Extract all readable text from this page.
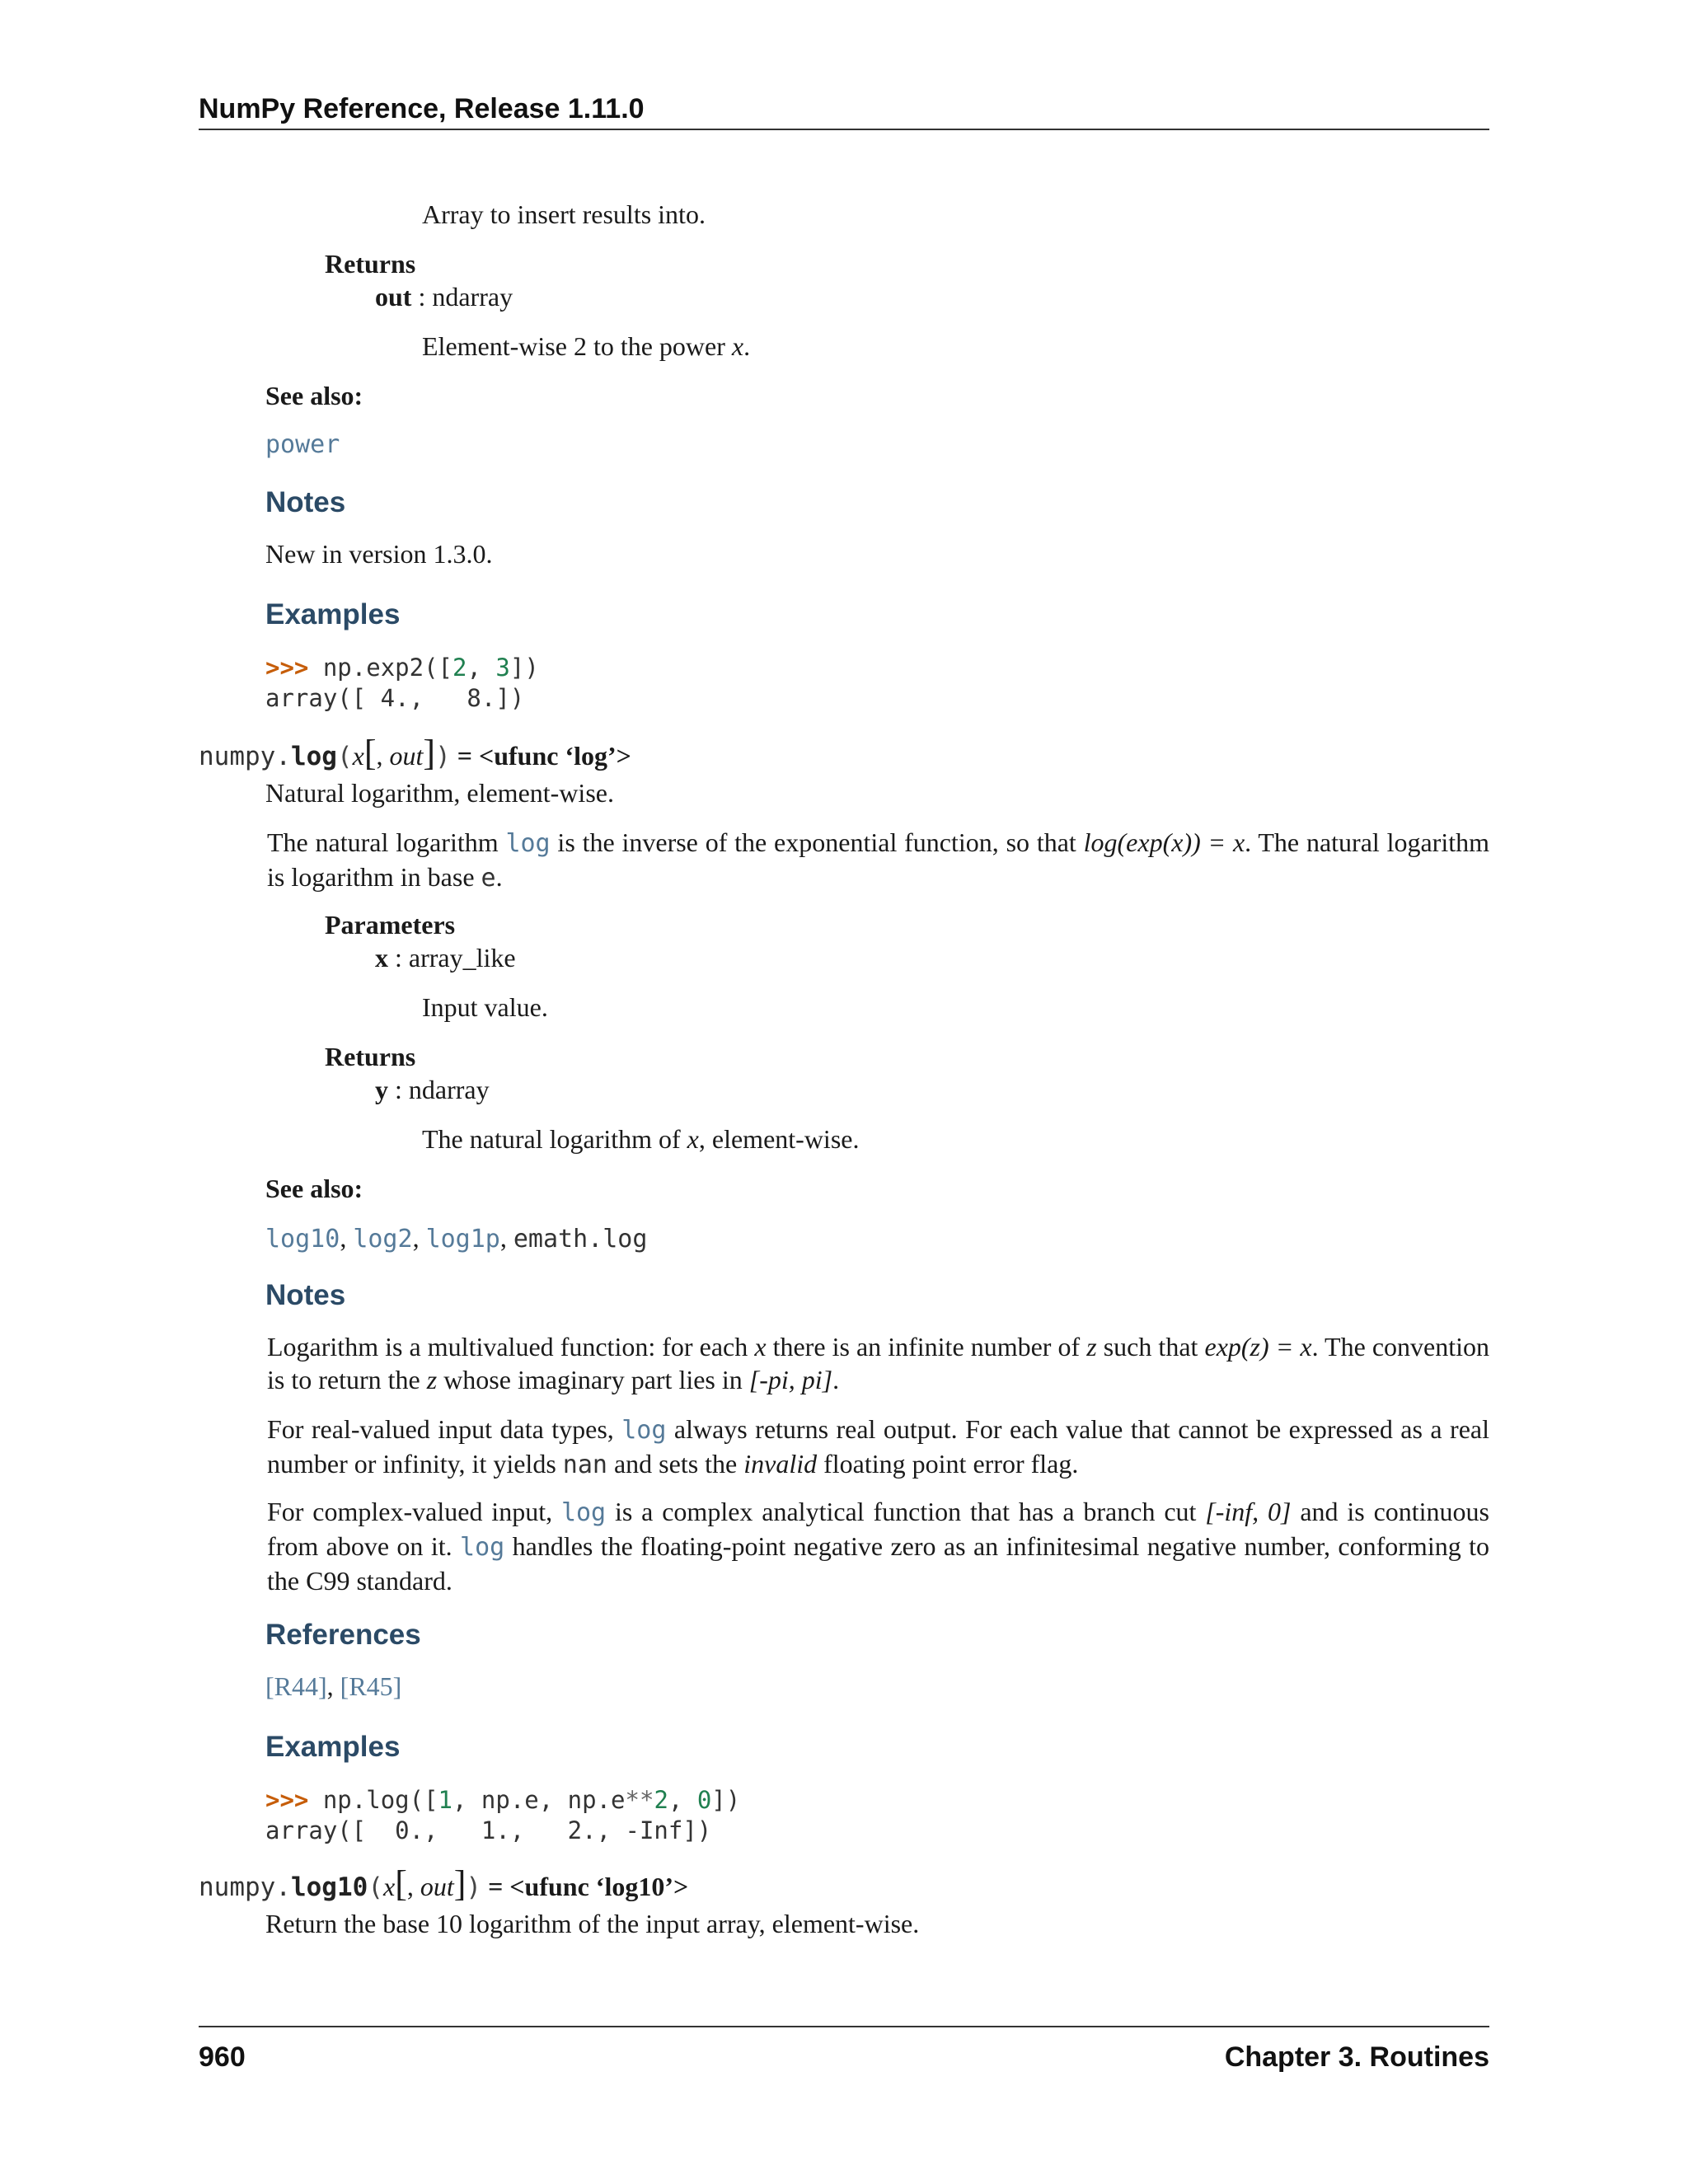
NumPy Reference, Release 1.11.0
Array to insert results into.
Returns
out : ndarray
Element-wise 2 to the power x.
See also:
power
Notes
New in version 1.3.0.
Examples
>>> np.exp2([2, 3])
array([ 4.,   8.])
numpy.log(x[, out]) = <ufunc ‘log’>
Natural logarithm, element-wise.
The natural logarithm log is the inverse of the exponential function, so that log(exp(x)) = x. The natural logarithm is logarithm in base e.
Parameters
x : array_like
Input value.
Returns
y : ndarray
The natural logarithm of x, element-wise.
See also:
log10, log2, log1p, emath.log
Notes
Logarithm is a multivalued function: for each x there is an infinite number of z such that exp(z) = x. The convention is to return the z whose imaginary part lies in [-pi, pi].
For real-valued input data types, log always returns real output. For each value that cannot be expressed as a real number or infinity, it yields nan and sets the invalid floating point error flag.
For complex-valued input, log is a complex analytical function that has a branch cut [-inf, 0] and is continuous from above on it. log handles the floating-point negative zero as an infinitesimal negative number, conforming to the C99 standard.
References
[R44], [R45]
Examples
>>> np.log([1, np.e, np.e**2, 0])
array([  0.,   1.,   2., -Inf])
numpy.log10(x[, out]) = <ufunc ‘log10’>
Return the base 10 logarithm of the input array, element-wise.
960	Chapter 3. Routines
